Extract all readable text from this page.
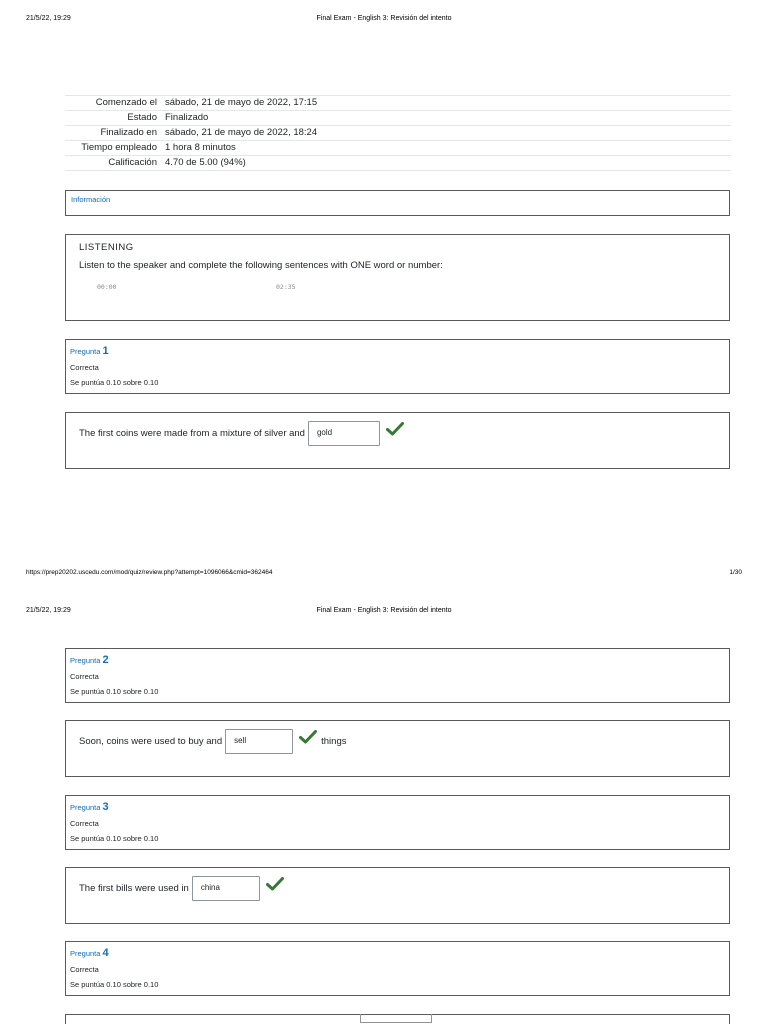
21/5/22, 19:29	Final Exam - English 3: Revisión del intento
Comenzado el	sábado, 21 de mayo de 2022, 17:15
Estado	Finalizado
Finalizado en	sábado, 21 de mayo de 2022, 18:24
Tiempo empleado	1 hora 8 minutos
Calificación	4.70 de 5.00 (94%)
Información
LISTENING
Listen to the speaker and complete the following sentences with ONE word or number:
00:00	02:35
Pregunta 1
Correcta
Se puntúa 0.10 sobre 0.10
The first coins were made from a mixture of silver and	gold
https://prep20202.uscedu.com/mod/quiz/review.php?attempt=1096066&cmid=362464	1/30
21/5/22, 19:29	Final Exam - English 3: Revisión del intento
Pregunta 2
Correcta
Se puntúa 0.10 sobre 0.10
Soon, coins were used to buy and	sell	things
Pregunta 3
Correcta
Se puntúa 0.10 sobre 0.10
The first bills were used in	china
Pregunta 4
Correcta
Se puntúa 0.10 sobre 0.10
